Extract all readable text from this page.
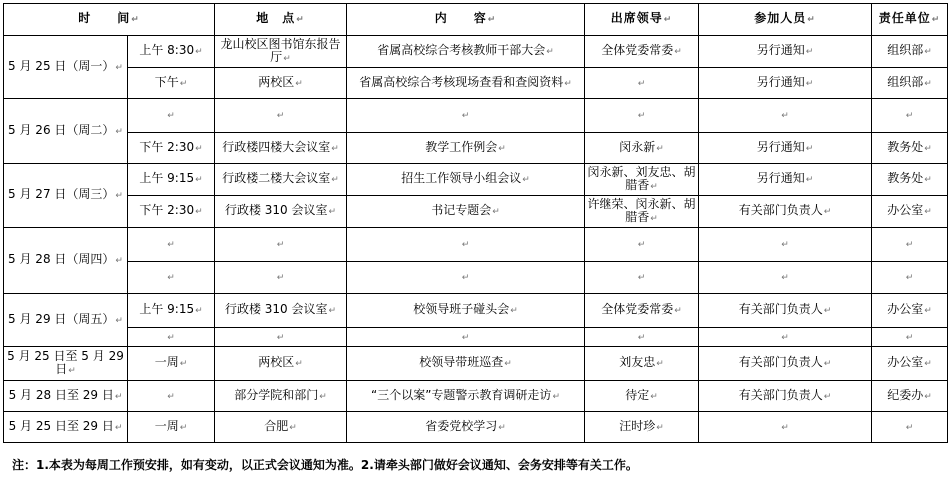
时　　间↵		地　点↵	内　　容↵	出席领导↵	参加人员↵	责任单位↵
5 月 25 日（周一）↵	上午 8:30↵	龙山校区图书馆东报告厅↵	省属高校综合考核教师干部大会↵	全体党委常委↵	另行通知↵	组织部↵
	下午↵	两校区↵	省属高校综合考核现场查看和查阅资料↵	↵	另行通知↵	组织部↵
5 月 26 日（周二）↵	↵	↵	↵	↵	↵	↵
	下午 2:30↵	行政楼四楼大会议室↵	教学工作例会↵	闵永新↵	另行通知↵	教务处↵
5 月 27 日（周三）↵	上午 9:15↵	行政楼二楼大会议室↵	招生工作领导小组会议↵	闵永新、刘友忠、胡腊香↵	另行通知↵	教务处↵
	下午 2:30↵	行政楼 310 会议室↵	书记专题会↵	许继荣、闵永新、胡腊香↵	有关部门负责人↵	办公室↵
5 月 28 日（周四）↵	↵	↵	↵	↵	↵	↵
	↵	↵	↵	↵	↵	↵
5 月 29 日（周五）↵	上午 9:15↵	行政楼 310 会议室↵	校领导班子碰头会↵	全体党委常委↵	有关部门负责人↵	办公室↵
	↵	↵	↵	↵	↵	↵
5 月 25 日至 5 月 29 日↵	一周↵	两校区↵	校领导带班巡查↵	刘友忠↵	有关部门负责人↵	办公室↵
5 月 28 日至 29 日↵	↵	部分学院和部门↵	“三个以案”专题警示教育调研走访↵	待定↵	有关部门负责人↵	纪委办↵
5 月 25 日至 29 日↵	一周↵	合肥↵	省委党校学习↵	汪时珍↵	↵	↵
注：1.本表为每周工作预安排，如有变动，以正式会议通知为准。2.请牵头部门做好会议通知、会务安排等有关工作。
